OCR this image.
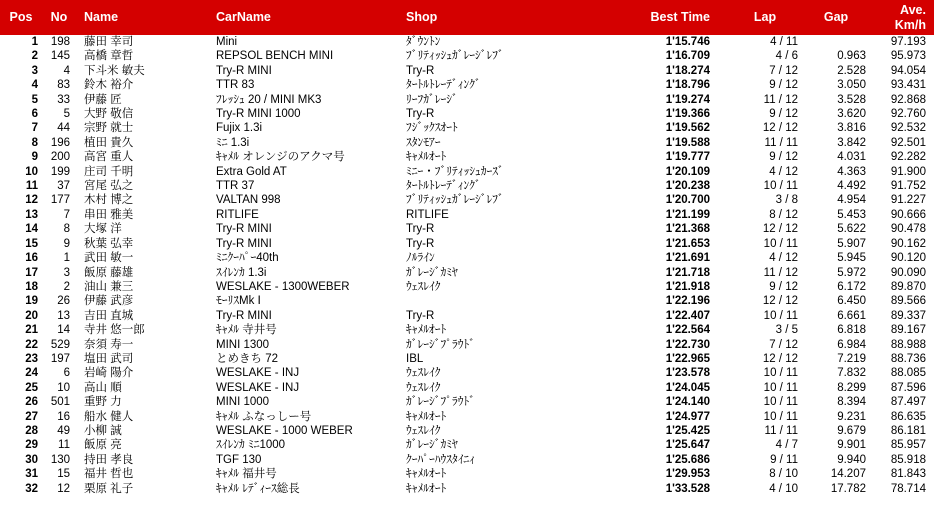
Pos	No	Name	CarName	Shop	Best Time	Lap	Gap	Ave.
Km/h

1	198	藤田 幸司	Mini	ﾀﾞｳﾝﾄﾝ	1'15.746	4 / 11		97.193
2	145	高橋 章哲	REPSOL BENCH MINI	ﾌﾞﾘﾃｨｯｼｭｶﾞﾚｰｼﾞﾚﾌﾞ	1'16.709	4 / 6	0.963	95.973
3	4	下斗米 敏夫	Try-R MINI	Try-R	1'18.274	7 / 12	2.528	94.054
4	83	鈴木 裕介	TTR 83	ﾀｰﾄﾙﾄﾚｰﾃﾞｨﾝｸﾞ	1'18.796	9 / 12	3.050	93.431
5	33	伊藤 匠	ﾌﾚｯｼｭ 20 / MINI MK3	ﾘｰﾌｶﾞﾚｰｼﾞ	1'19.274	11 / 12	3.528	92.868
6	5	大野 敬信	Try-R MINI 1000	Try-R	1'19.366	9 / 12	3.620	92.760
7	44	宗野 就士	Fujix 1.3i	ﾌｼﾞｯｸｽｵｰﾄ	1'19.562	12 / 12	3.816	92.532
8	196	植田 貴久	ﾐﾆ 1.3i	ｽﾀﾝﾓｱｰ	1'19.588	11 / 11	3.842	92.501
9	200	高宮 重人	ｷｬﾒﾙ オレンジのアクマ号	ｷｬﾒﾙｵｰﾄ	1'19.777	9 / 12	4.031	92.282
10	199	庄司 千明	Extra Gold AT	ﾐﾆｰ・ﾌﾞﾘﾃｨｯｼｭｶｰｽﾞ	1'20.109	4 / 12	4.363	91.900
11	37	宮尾 弘之	TTR 37	ﾀｰﾄﾙﾄﾚｰﾃﾞｨﾝｸﾞ	1'20.238	10 / 11	4.492	91.752
12	177	木村 博之	VALTAN 998	ﾌﾞﾘﾃｨｯｼｭｶﾞﾚｰｼﾞﾚﾌﾞ	1'20.700	3 / 8	4.954	91.227
13	7	串田 雅美	RITLIFE	RITLIFE	1'21.199	8 / 12	5.453	90.666
14	8	大塚 洋	Try-R MINI	Try-R	1'21.368	12 / 12	5.622	90.478
15	9	秋葉 弘幸	Try-R MINI	Try-R	1'21.653	10 / 11	5.907	90.162
16	1	武田 敏一	ﾐﾆｸｰﾊﾟｰ40th	ﾉﾙﾗｲﾝ	1'21.691	4 / 12	5.945	90.120
17	3	飯原 藤雄	ｽｲﾚﾝｶ 1.3i	ｶﾞﾚｰｼﾞｶﾐﾔ	1'21.718	11 / 12	5.972	90.090
18	2	油山 兼三	WESLAKE - 1300WEBER	ｳｪｽﾚｲｸ	1'21.918	9 / 12	6.172	89.870
19	26	伊藤 武彦	ﾓｰﾘｽMk Ⅰ		1'22.196	12 / 12	6.450	89.566
20	13	吉田 直城	Try-R MINI	Try-R	1'22.407	10 / 11	6.661	89.337
21	14	寺井 悠一郎	ｷｬﾒﾙ 寺井号	ｷｬﾒﾙｵｰﾄ	1'22.564	3 / 5	6.818	89.167
22	529	奈須 寿一	MINI 1300	ｶﾞﾚｰｼﾞﾌﾟﾗｳﾄﾞ	1'22.730	7 / 12	6.984	88.988
23	197	塩田 武司	とめきち 72	IBL	1'22.965	12 / 12	7.219	88.736
24	6	岩崎 陽介	WESLAKE - INJ	ｳｪｽﾚｲｸ	1'23.578	10 / 11	7.832	88.085
25	10	高山 順	WESLAKE - INJ	ｳｪｽﾚｲｸ	1'24.045	10 / 11	8.299	87.596
26	501	重野 力	MINI 1000	ｶﾞﾚｰｼﾞﾌﾟﾗｳﾄﾞ	1'24.140	10 / 11	8.394	87.497
27	16	船水 健人	ｷｬﾒﾙ ふなっしー号	ｷｬﾒﾙｵｰﾄ	1'24.977	10 / 11	9.231	86.635
28	49	小柳 誠	WESLAKE - 1000 WEBER	ｳｪｽﾚｲｸ	1'25.425	11 / 11	9.679	86.181
29	11	飯原 亮	ｽｲﾚﾝｶ ﾐﾆ1000	ｶﾞﾚｰｼﾞｶﾐﾔ	1'25.647	4 / 7	9.901	85.957
30	130	持田 孝良	TGF 130	ｸｰﾊﾟｰﾊｳｽﾀｲﾆｨ	1'25.686	9 / 11	9.940	85.918
31	15	福井 哲也	ｷｬﾒﾙ 福井号	ｷｬﾒﾙｵｰﾄ	1'29.953	8 / 10	14.207	81.843
32	12	栗原 礼子	ｷｬﾒﾙ ﾚﾃﾞｨｰｽ総長	ｷｬﾒﾙｵｰﾄ	1'33.528	4 / 10	17.782	78.714
